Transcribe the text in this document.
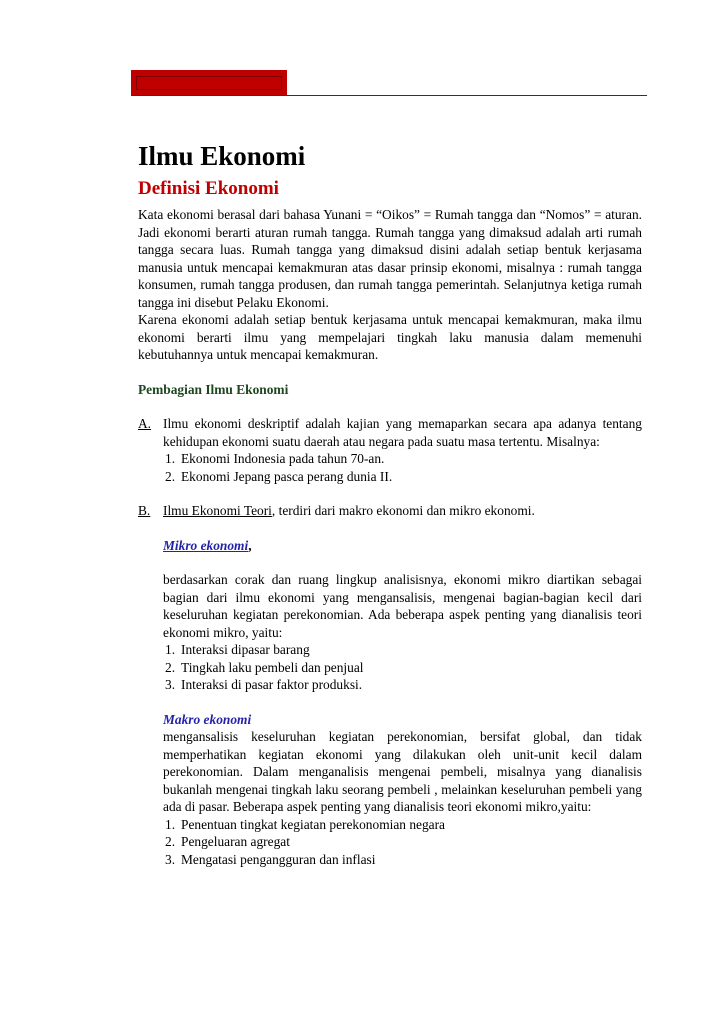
Ilmu Ekonomi
Definisi Ekonomi

Kata ekonomi berasal dari bahasa Yunani = “Oikos” = Rumah tangga dan “Nomos” = aturan. Jadi ekonomi berarti aturan rumah tangga. Rumah tangga yang dimaksud adalah arti rumah tangga secara luas. Rumah tangga yang dimaksud disini adalah setiap bentuk kerjasama manusia untuk mencapai kemakmuran atas dasar prinsip ekonomi, misalnya : rumah tangga konsumen, rumah tangga produsen, dan rumah tangga pemerintah. Selanjutnya ketiga rumah tangga ini disebut Pelaku Ekonomi.

Karena ekonomi adalah setiap bentuk kerjasama untuk mencapai kemakmuran, maka ilmu ekonomi berarti ilmu yang mempelajari tingkah laku manusia dalam memenuhi kebutuhannya untuk mencapai kemakmuran.

Pembagian Ilmu Ekonomi
A. Ilmu ekonomi deskriptif adalah kajian yang memaparkan secara apa adanya tentang kehidupan ekonomi suatu daerah atau negara pada suatu masa tertentu. Misalnya:

1. Ekonomi Indonesia pada tahun 70-an.
2. Ekonomi Jepang pasca perang dunia II.
B. Ilmu Ekonomi Teori, terdiri dari makro ekonomi dan mikro ekonomi.

Mikro ekonomi,

berdasarkan corak dan ruang lingkup analisisnya, ekonomi mikro diartikan sebagai bagian dari ilmu ekonomi yang mengansalisis, mengenai bagian-bagian kecil dari keseluruhan kegiatan perekonomian. Ada beberapa aspek penting yang dianalisis teori ekonomi mikro, yaitu:

1. Interaksi dipasar barang
2. Tingkah laku pembeli dan penjual
3. Interaksi di pasar faktor produksi.

Makro ekonomi

mengansalisis keseluruhan kegiatan perekonomian, bersifat global, dan tidak memperhatikan kegiatan ekonomi yang dilakukan oleh unit-unit kecil dalam perekonomian. Dalam menganalisis mengenai pembeli, misalnya yang dianalisis bukanlah mengenai tingkah laku seorang pembeli , melainkan keseluruhan pembeli yang ada di pasar. Beberapa aspek penting yang dianalisis teori ekonomi mikro,yaitu:

1. Penentuan tingkat kegiatan perekonomian negara
2. Pengeluaran agregat
3. Mengatasi pengangguran dan inflasi
